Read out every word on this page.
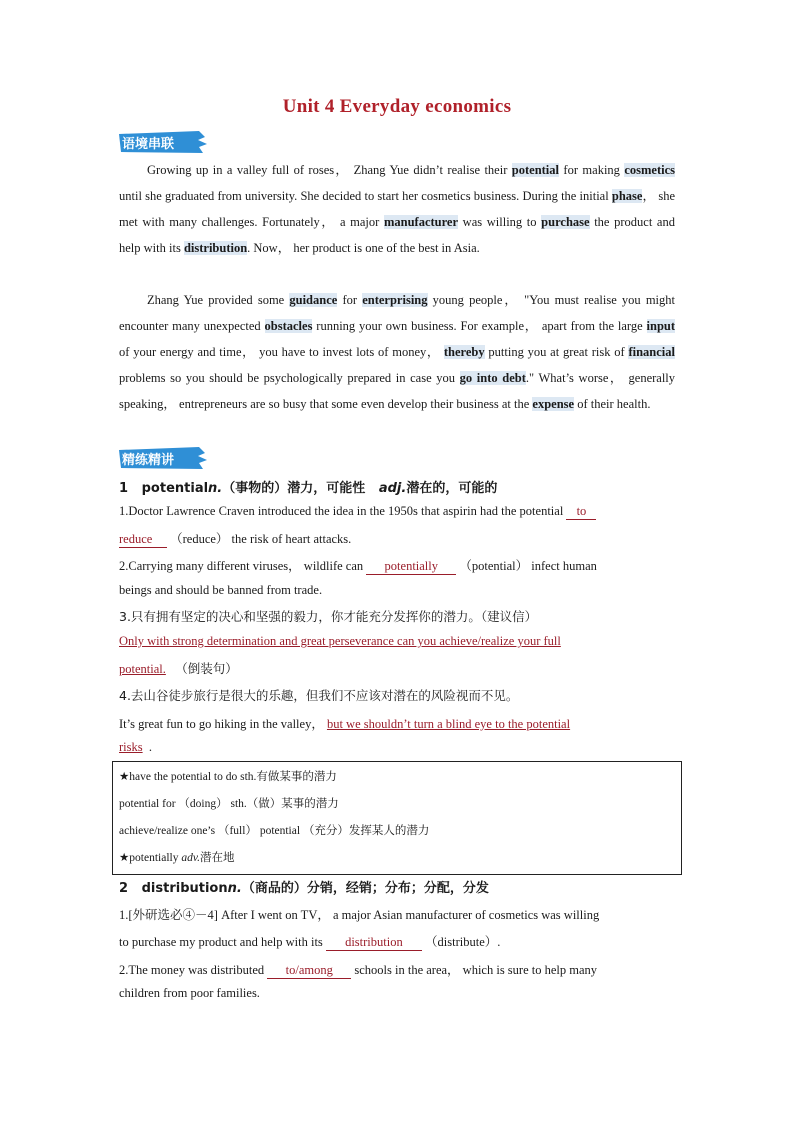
Unit 4 Everyday economics
语境串联
Growing up in a valley full of roses， Zhang Yue didn’t realise their potential for making cosmetics until she graduated from university. She decided to start her cosmetics business. During the initial phase， she met with many challenges. Fortunately， a major manufacturer was willing to purchase the product and help with its distribution. Now， her product is one of the best in Asia.
Zhang Yue provided some guidance for enterprising young people， "You must realise you might encounter many unexpected obstacles running your own business. For example， apart from the large input of your energy and time， you have to invest lots of money， thereby putting you at great risk of financial problems so you should be psychologically prepared in case you go into debt." What’s worse， generally speaking， entrepreneurs are so busy that some even develop their business at the expense of their health.
精练精讲
1 potentialn.（事物的）潜力，可能性 adj.潜在的，可能的
1.Doctor Lawrence Craven introduced the idea in the 1950s that aspirin had the potential to
reduce （reduce） the risk of heart attacks.
2.Carrying many different viruses， wildlife can potentially （potential） infect human
beings and should be banned from trade.
3.只有拥有坚定的决心和坚强的毅力，你才能充分发挥你的潜力。（建议信）
Only with strong determination and great perseverance can you achieve/realize your full
potential. （倒装句）
4.去山谷徒步旅行是很大的乐趣，但我们不应该对潜在的风险视而不见。
It’s great fun to go hiking in the valley， but we shouldn’t turn a blind eye to the potential
risks .
★have the potential to do sth.有做某事的潜力
potential for （doing） sth.（做）某事的潜力
achieve/realize one’s （full） potential （充分）发挥某人的潜力
★potentially adv.潜在地
2 distributionn.（商品的）分销，经销；分布；分配，分发
1.[外研选必④－4] After I went on TV， a major Asian manufacturer of cosmetics was willing
to purchase my product and help with its distribution （distribute）.
2.The money was distributed to/among schools in the area， which is sure to help many
children from poor families.
